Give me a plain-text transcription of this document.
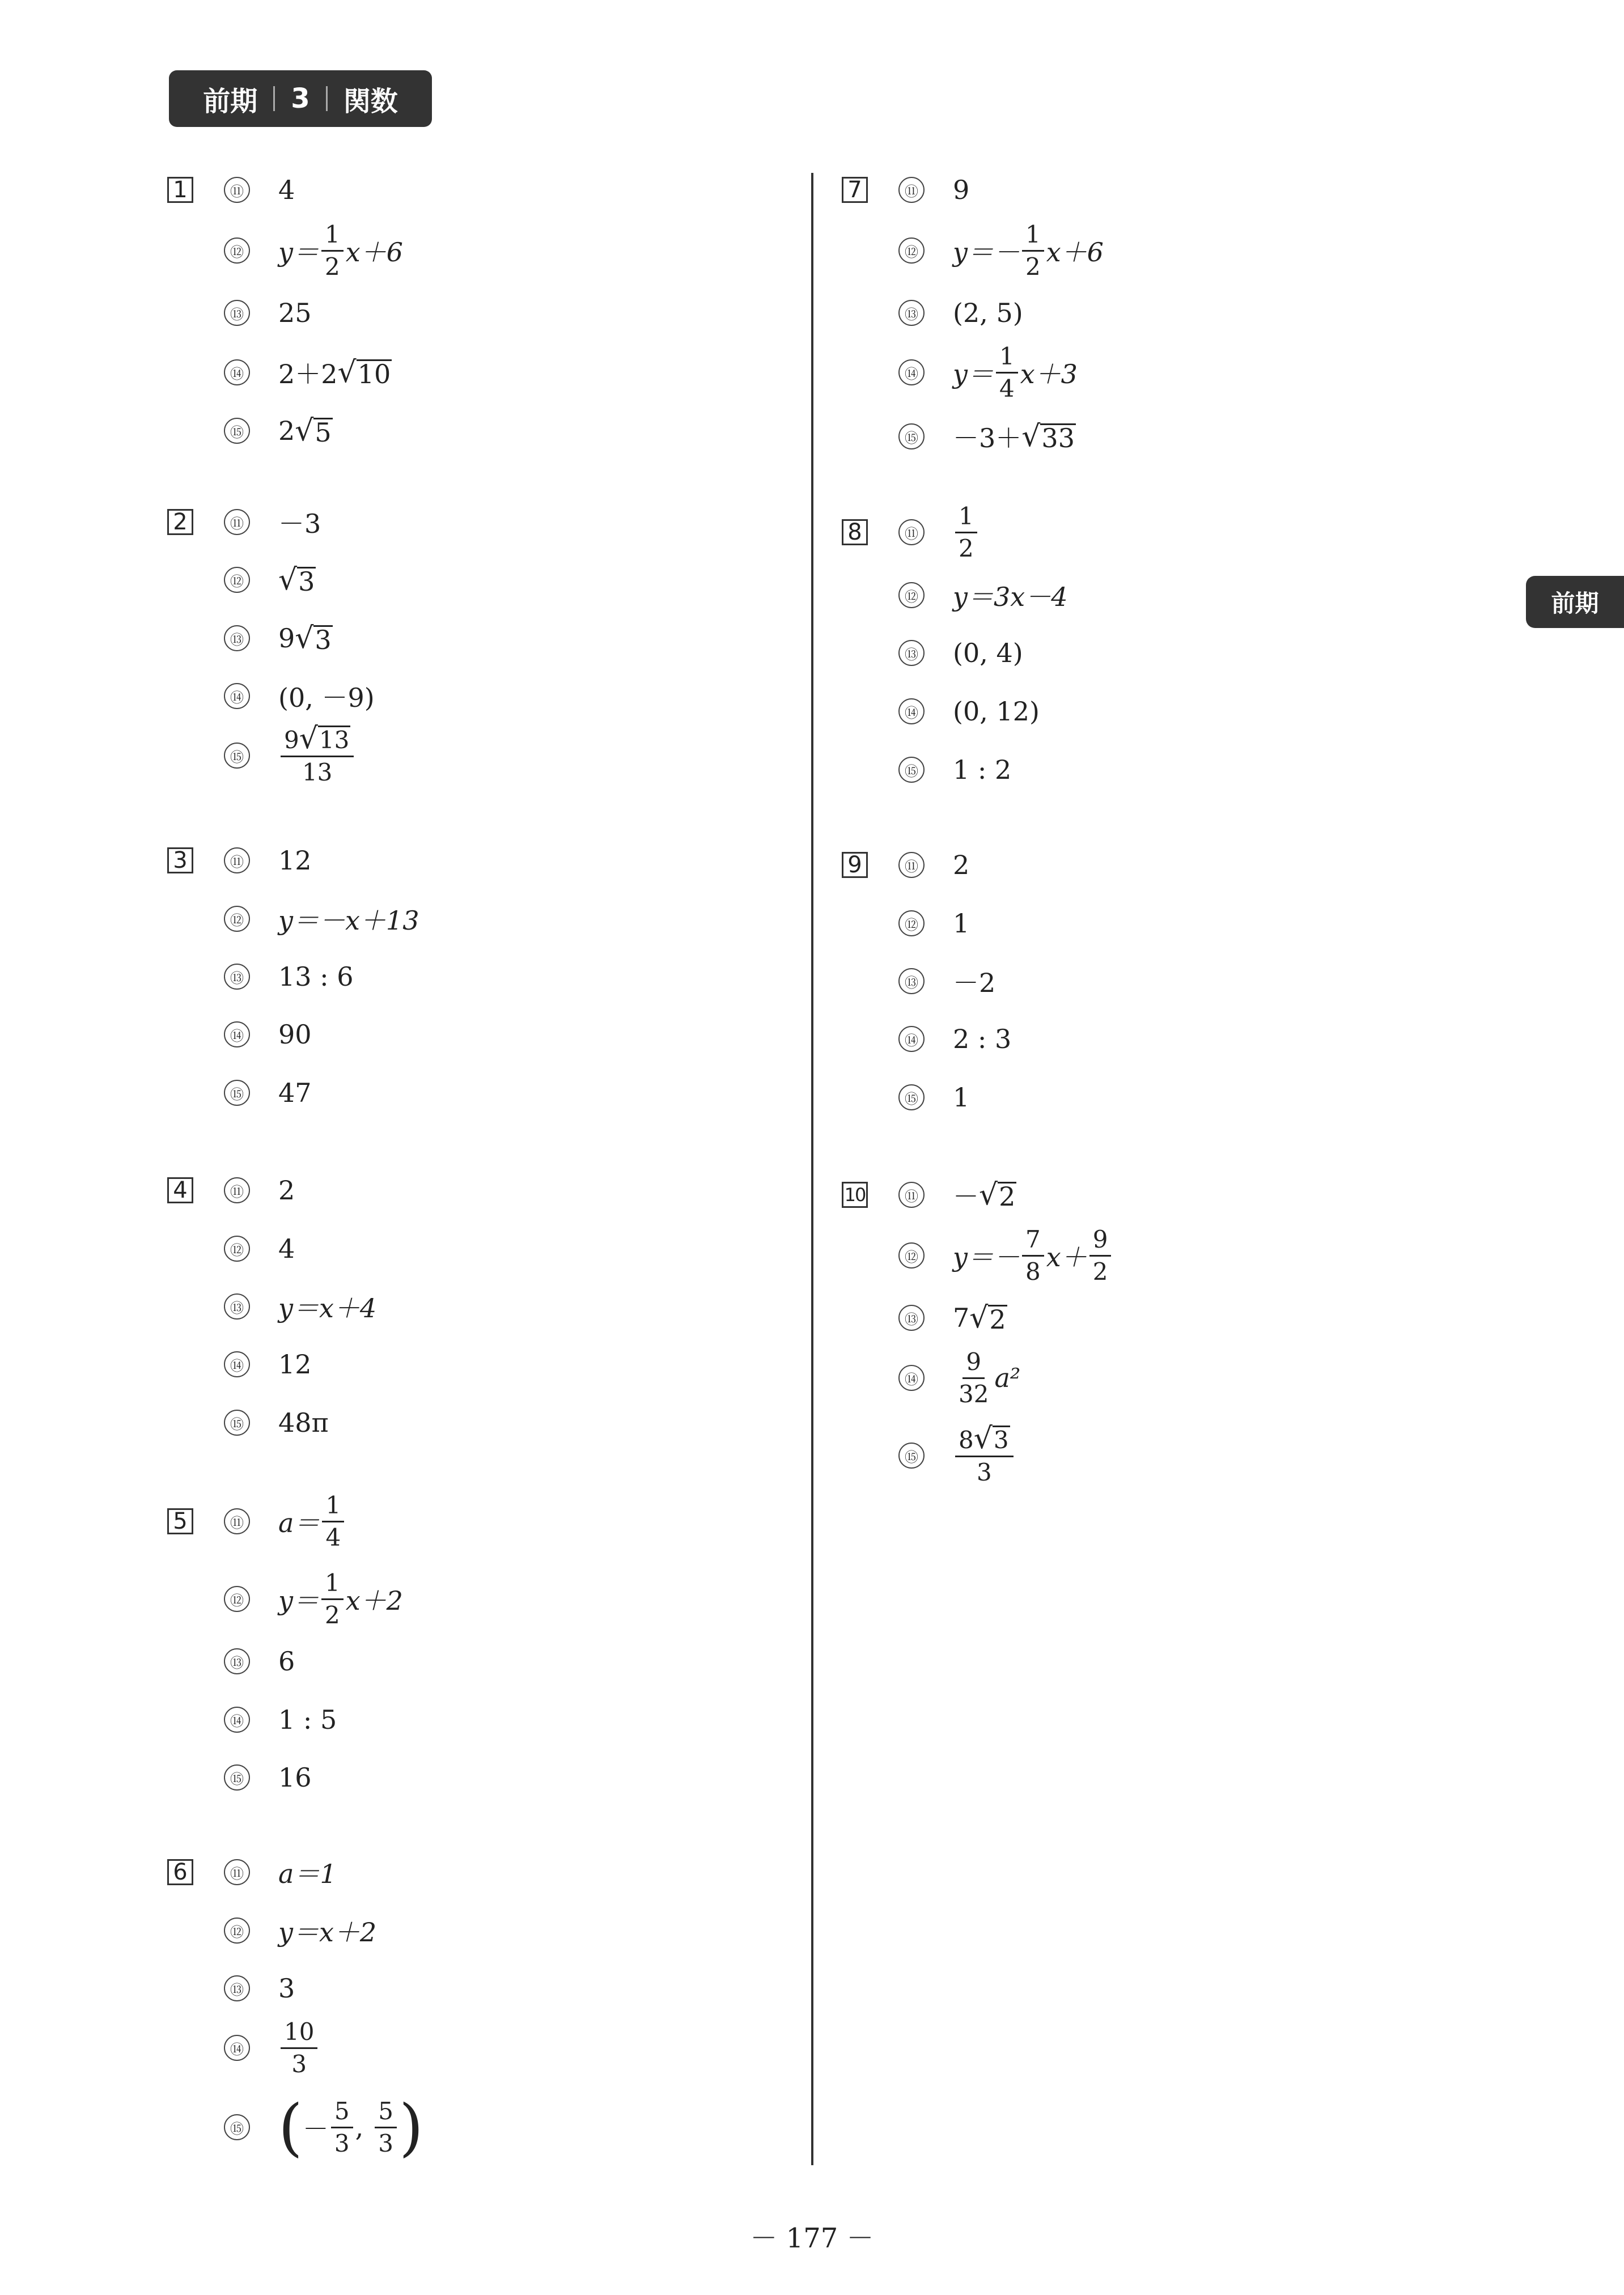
前期 3 関数
前期
1	⑪ 4
⑫ $y= \frac{1}{2} x+6$
⑬ 25
⑭ 2＋2 √ 10
⑮ 2 √ 5
2	⑪ －3
⑫ √ 3
⑬ 9 √ 3
⑭ (0, －9)
⑮ $\frac{9 √ 13}{13}$
3	⑪ 12
⑫ y＝－x＋13
⑬ 13 : 6
⑭ 90
⑮ 47
4	⑪ 2
⑫ 4
⑬ y＝x＋4
⑭ 12
⑮ 48π
5	⑪ $a= \frac{1}{4}$
⑫ $y= \frac{1}{2} x+2$
⑬ 6
⑭ 1 : 5
⑮ 16
6	⑪ a＝1
⑫ y＝x＋2
⑬ 3
⑭ $\frac{10}{3}$
⑮ ( － $\frac{5}{3}$ , $\frac{5}{3}$ )
7	⑪ 9
⑫ $y=- \frac{1}{2} x+6$
⑬ (2, 5)
⑭ $y= \frac{1}{4} x+3$
⑮ －3＋ √ 33
8	⑪ $\frac{1}{2}$
⑫ y＝3x－4
⑬ (0, 4)
⑭ (0, 12)
⑮ 1 : 2
9	⑪ 2
⑫ 1
⑬ －2
⑭ 2 : 3
⑮ 1
10	⑪ － √ 2
⑫ $y=- \frac{7}{8} x+ \frac{9}{2}$
⑬ 7 √ 2
⑭ $\frac{9}{32} a^2$
⑮ $\frac{8 √ 3}{3}$
－ 177 －
